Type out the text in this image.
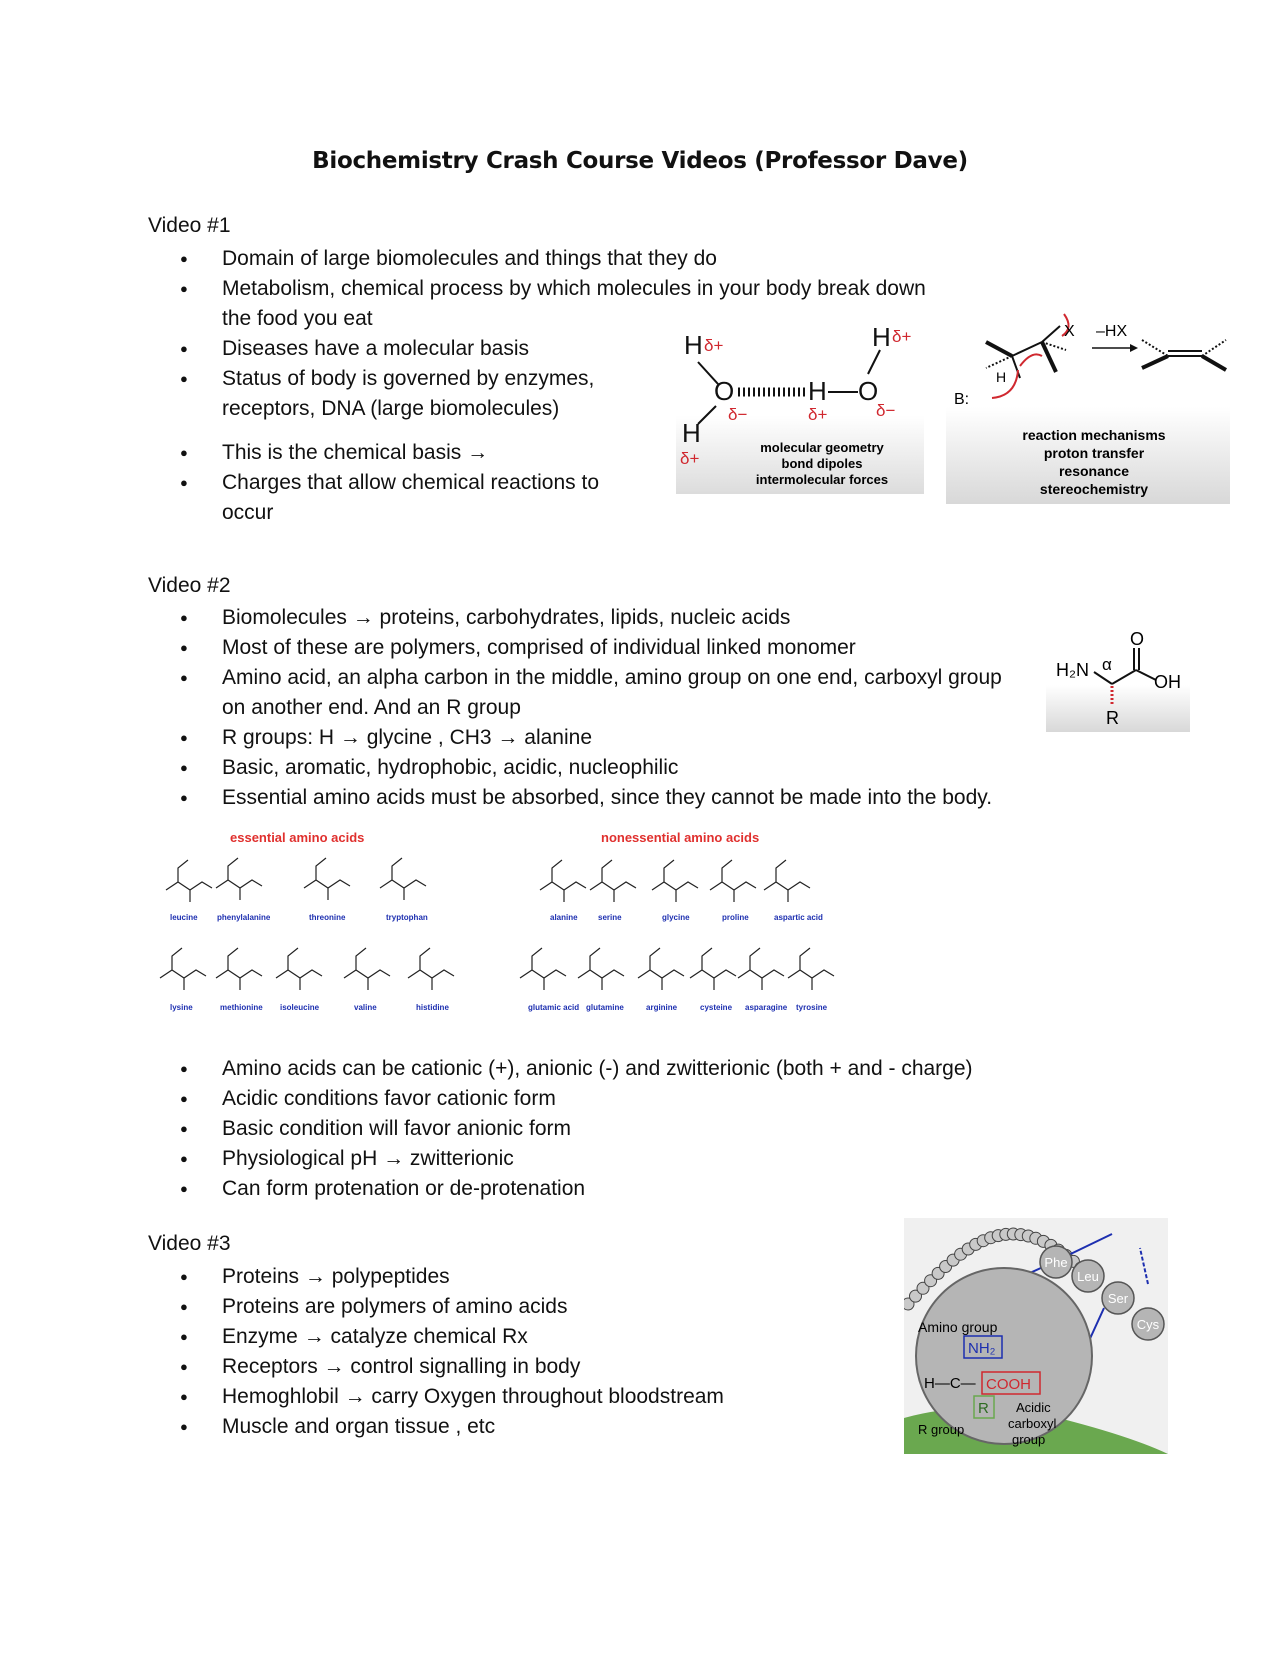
Biochemistry Crash Course Videos (Professor Dave)
Video #1
● Domain of large biomolecules and things that they do
● Metabolism, chemical process by which molecules in your body break down the food you eat
● Diseases have a molecular basis
● Status of body is governed by enzymes, receptors, DNA (large biomolecules)
● This is the chemical basis →
● Charges that allow chemical reactions to occur
H δ+
O
δ−
H
δ+
H
δ+
O
δ−
H δ+
molecular geometry
bond dipoles
intermolecular forces
X –HX
H
B:
reaction mechanisms
proton transfer
resonance
stereochemistry
Video #2
● Biomolecules → proteins, carbohydrates, lipids, nucleic acids
● Most of these are polymers, comprised of individual linked monomer
● Amino acid, an alpha carbon in the middle, amino group on one end, carboxyl group on another end. And an R group
● R groups: H → glycine , CH3 → alanine
● Basic, aromatic, hydrophobic, acidic, nucleophilic
● Essential amino acids must be absorbed, since they cannot be made into the body.
H₂N α
O
OH
R
essential amino acids	nonessential amino acids
leucine phenylalanine	threonine	tryptophan
lysine	methionine isoleucine	valine	histidine
alanine	serine	glycine	proline	aspartic acid
glutamic acid glutamine	arginine	cysteine asparagine tyrosine
● Amino acids can be cationic (+), anionic (-) and zwitterionic (both + and - charge)
● Acidic conditions favor cationic form
● Basic condition will favor anionic form
● Physiological pH → zwitterionic
● Can form protenation or de-protenation
Video #3
● Proteins → polypeptides
● Proteins are polymers of amino acids
● Enzyme → catalyze chemical Rx
● Receptors → control signalling in body
● Hemoghlobil → carry Oxygen throughout bloodstream
● Muscle and organ tissue , etc
Phe
Leu
Ser
Cys
Amino group
NH₂
H—C— COOH
R
R group
Acidic
carboxyl
group
